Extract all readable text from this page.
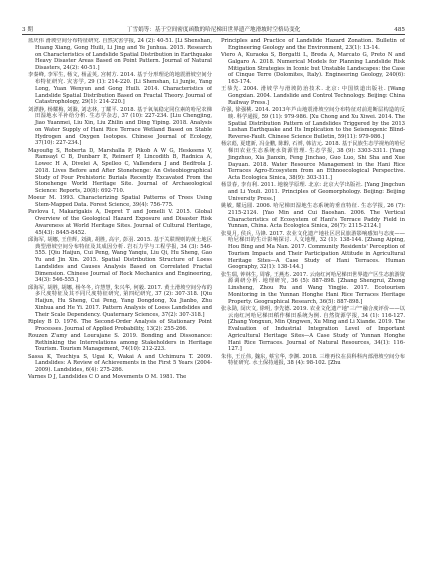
3 期	丁雪娟等：基于空间密度函数的哈尼梯田世界遗产地滑坡时空格局变化	485

蓝庆伟 滑坡空间分布特征研究. 自然灾害学报, 24 (2): 40-51. [Li Shenshan, Huang Xiang, Gong Huili, Li Jing and Ye Junhua. 2015. Research on Characteristics of Landslide Spatial Distribution in Earthquake Heavy Disaster Areas Based on Point Pattern. Journal of Natural Disasters, 24(2): 40-51.]

李秦峰, 李军生, 杨文, 杨孟英, 宫树方. 2014. 基于分形理论的地震滑坡空间分布特征研究. 灾害学, 29 (1): 214-220. [Li Shenshan, Li Junjie, Yang Long, Yuan Wenyun and Gong Huili. 2014. Characteristics of Landslide Spatial Distribution Based on Fractal Theory. Journal of Catastrophology, 29(1): 214-220.]

刘漂静, 杨耀梅, 刘滁, 刘志林, 丁耀平. 2018. 基于氧氧稳定同位素的哈尼农梯田湿地水平补给分析. 生态学杂志, 37 (10): 227-234. [Liu Chengjing, Jiao Yuanmei, Liu Xin, Liu Zhilin and Ding Yiping. 2018. Analysis on Water Supply of Hani Rice Terrace Wetland Based on Stable Hydrogen and Oxygen Isotopes. Chinese Journal of Ecology, 37(10): 227-234.]

Mayoufig S, Roberta D, Marshalla P, Pikob A W G, Heskeens V, Ramsayl C B, Dunbarr E, Reimerf P, Lincodith B, Radnica A, Lowec H A, Divelei A, Spelleo C, Vallendera J and Bedfrola J. 2018. Lives Before and After Stonehenge: An Osteobiographical Study of Four Prehistoric Burials Recently Excavated From the Stonehenge World Heritage Site. Journal of Archaeological Science: Reports, 20(8): 692-710.

Moeur M. 1993. Characterizing Spatial Patterns of Trees Using Stem-Mapped Data. Forest Science, 39(4): 756-775.

Pavlova I, Makarigakis A, Depret T and Jomelli V. 2015. Global Overview of the Geological Hazard Exposure and Disaster Risk Awareness at World Heritage Sites. Journal of Cultural Heritage, 45(43): 8445-8452.

邱海军, 胡娜, 王佳辉, 刘滴, 胡胜, 高宇, 彭羽. 2015. 基于关联规则的黄土地区典型滑坡空间分布特征及其成因分析. 岩石力学与工程学报, 34 (3): 546-555. [Qiu Haijun, Cui Peng, Wang Yanqiu, Liu Qi, Hu Sheng, Gao Yu and Jin Xin. 2015. Spatial Distribution Structure of Loess Landslides and Causes Analysis Based on Correlated Fractal Dimension. Chinese Journal of Rock Mechanics and Engineering, 34(3): 546-555.]

邱海军, 胡胜, 胡娜, 杨冬冬, 许慧慧, 朱兴华, 何毅. 2017. 黄土滑坡空间分布的多尺度特征及其不同尺度特征研究, 第四纪研究, 37 (2): 307-318. [Qiu Haijun, Hu Sheng, Cui Peng, Yang Dongdong, Xu Jianbo, Zhu Xinhua and He Yi. 2017. Pattern Analysis of Loess Landslides and Their Scale Dependency. Quaternary Sciences, 37(2): 307-318.]

Ripley B D. 1976. The Second-Order Analysis of Stationary Point Processes. Journal of Applied Probability, 13(2): 255-266.

Rouzen Z'amy and Lourajane S. 2019. Bonding and Dissonance: Rethinking the Interrelations among Stakeholders in Heritage Tourism. Tourism Management, 74(10): 212-223.

Sassa K, Tsuchiya S, Ugai K, Wakai A and Uchimura T. 2009. Landslides: A Review of Achievements in the First 5 Years (2004-2009). Landslides, 6(4): 275-286.

Varnes D J, Landslides C O and Movements O M. 1981. The

Principles and Practice of Landslide Hazard Zonation. Bulletin of Engineering Geology and the Environment, 23(1): 13-14.

Viero A, Kuraoka S, Borgatti L, Breda A, Marcato G, Preto N and Galgaro A. 2018. Numerical Models for Planning Landslide Risk Mitigation Strategies in Iconic but Unstable Landscapes: the Case of Cinque Terre (Dolomites, Italy). Engineering Geology, 240(6): 163-174.

王恭先. 2004. 滑坡学与滑坡防治技术. 北京: 中国铁道出版社. [Wang Gongxian. 2004. Landslide and Control Technology. Beijing: China Railway Press.]

许强, 徐强桃. 2014. 2013年芦山地震滑坡空间分布特征对前进断层构造的反映. 科学通报, 59 (11): 979-986. [Xu Chong and Xu Xiwei. 2014. The Spatial Distribution Pattern of Landslides Triggered by the 2013 Lushan Earthquake and Its Implication to the Seismogenic Blind-Reverse-Fault. Chinese Science Bulletin, 59(11): 979-986.]

杨宗彪, 夏建新, 冯金鹏, 陈醇, 石赟, 韩洁元. 2018. 基于民族生态学视角的哈尼梯田农业生态系统水资源管理. 生态学报, 38 (9): 3303-3311. [Yang Jingzhuo, Xia Jianxin, Feng Jinchao, Guo Luo, Shi Sha and Xue Dayuan. 2018. Water Resource Management in the Hani Rice Terraces Agro-Ecosystem from an Ethnoecological Perspective. Acta Ecologica Sinica, 38(9): 303-311.]

杨景春, 李有利. 2011. 地貌学原理. 北京: 北京大学出版社. [Yang Jingchun and Li Youli. 2011. Principles of Geomorphology. Beijing: Beijing University Press.]

姚敏, 耀远圆. 2006. 哈尼梯田湿地生态系统的垂直特征. 生态学报, 26 (7): 2115-2124. [Yao Min and Cui Baoshan. 2006. The Vertical Characteristics of Ecosystem of Hani's Terrace Paddy Field in Yunnan, China. Acta Ecologica Sinica, 26(7): 2115-2124.]

张曼月, 侯兵, 马锋. 2017. 农业文化遗产地社区居民旅游影响感知与态度——哈尼梯田的生计影响探讨. 人文地理, 32 (1): 138-144. [Zhang Aiping, Hou Bing and Ma Nan. 2017. Community Residents' Perception of Tourism Impacts and Their Participation Attitude in Agricultural Heritage Sites—A Case Study of Hani Terraces. Human Geography, 32(1): 138-144.]

张生瑞, 钟林生, 周睿, 王燕杰. 2017. 云南红河哈尼梯田世界遗产区生态旅游资源调研分析. 地理研究, 36 (5): 887-898. [Zhang Shengrui, Zhong Linsheng, Zhou Ru and Wang Yingjie. 2017. Ecotourism Monitoring in the Yunnan Honghe Hani Rice Terraces Heritage Property. Geographical Research, 36(5): 887-898.]

张永勋, 闵庆文, 徐明, 李先德. 2019. 农业文化遗产地"三产"融合度评价——以云南红河哈尼梯田稻作梯田系统为例. 自然资源学报, 34 (1): 116-127. [Zhang Yongxun, Min Qingwen, Xu Ming and Li Xiande. 2019. The Evaluation of Industrial Integration Level of Important Agricultural Heritage Sites—A Case Study of Yunnan Honghe Hani Rice Terraces. Journal of Natural Resources, 34(1): 116-127.]

朱伟, 王丘伟, 魏东, 蔡宝华, 李渊. 2018. 三维再仪在县科科内部滑坡空间分布特征研究. 水土保持通报, 38 (4): 98-102. [Zhu
